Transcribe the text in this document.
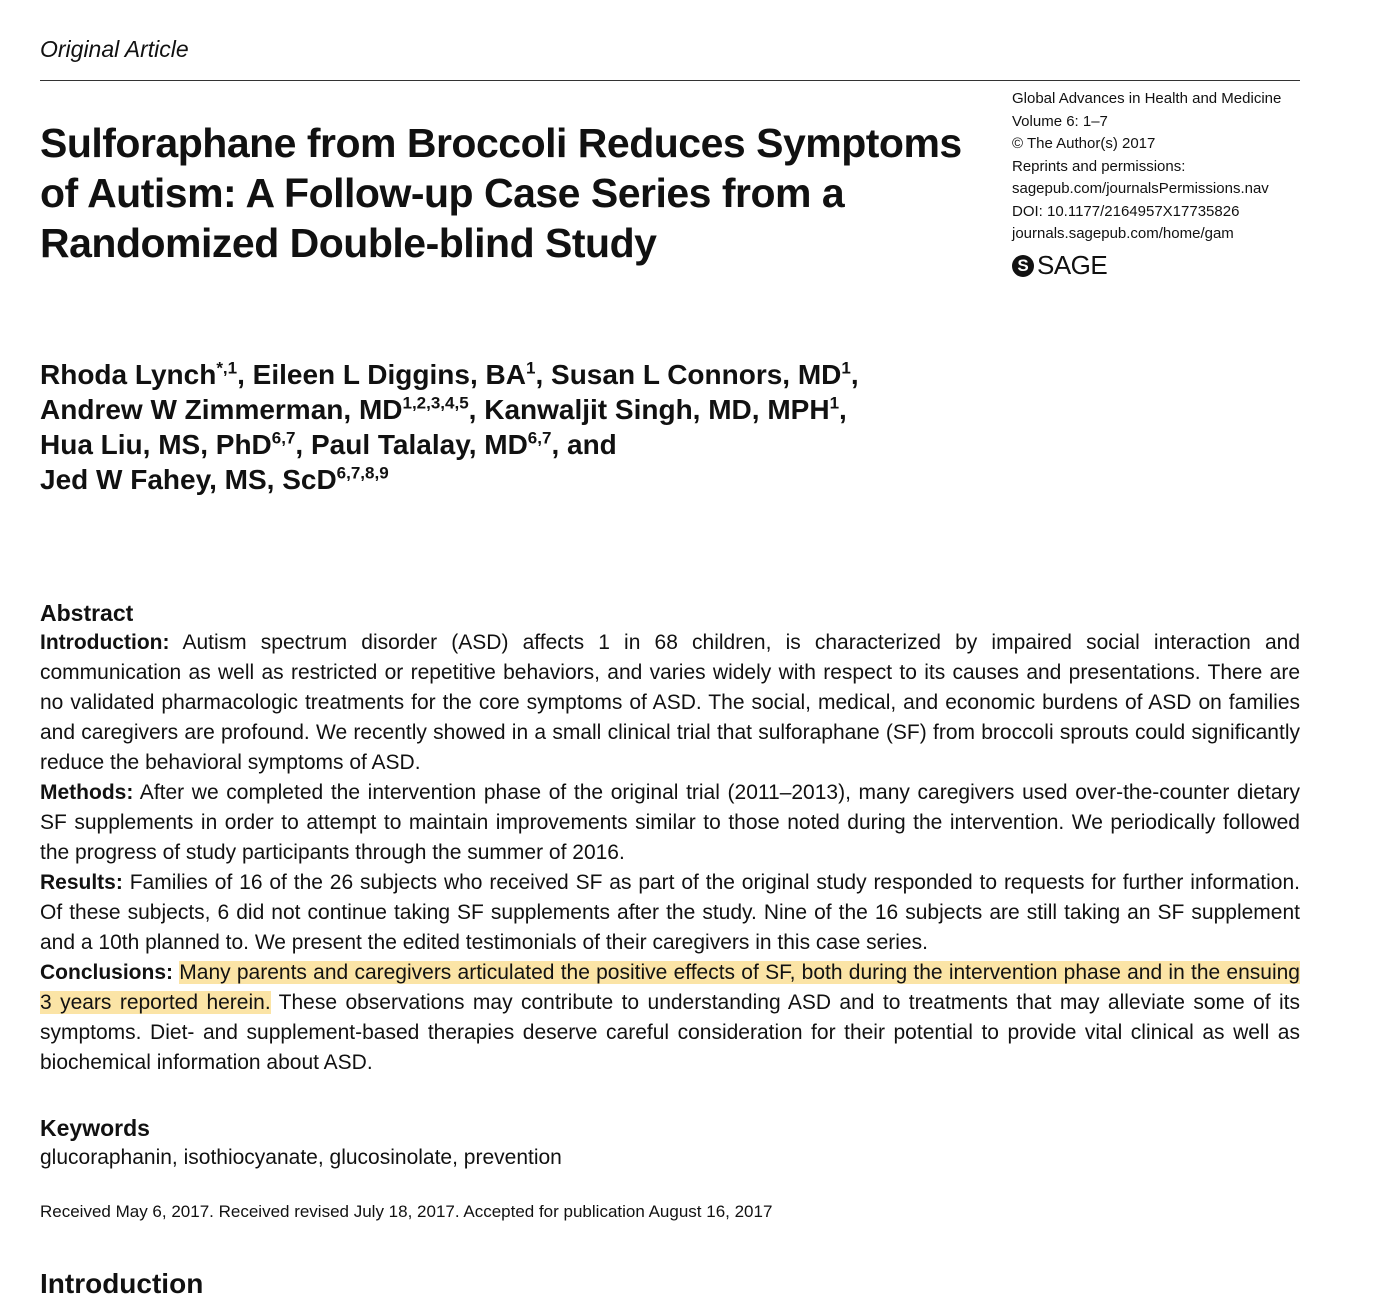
Original Article
Sulforaphane from Broccoli Reduces Symptoms of Autism: A Follow-up Case Series from a Randomized Double-blind Study
Global Advances in Health and Medicine
Volume 6: 1–7
© The Author(s) 2017
Reprints and permissions:
sagepub.com/journalsPermissions.nav
DOI: 10.1177/2164957X17735826
journals.sagepub.com/home/gam
S SAGE
Rhoda Lynch$^{*,1}$, Eileen L Diggins, $BA^1$, Susan L Connors, $MD^1$,
Andrew W Zimmerman, MD$^{1,2,3,4,5}$, Kanwaljit Singh, MD, MPH$^1$,
Hua Liu, MS, PhD$^{6,7}$, Paul Talalay, MD$^{6,7}$, and
Jed W Fahey, MS, ScD$^{6,7,8,9}$
Abstract

Introduction: Autism spectrum disorder (ASD) affects 1 in 68 children, is characterized by impaired social interaction and communication as well as restricted or repetitive behaviors, and varies widely with respect to its causes and presentations. There are no validated pharmacologic treatments for the core symptoms of ASD. The social, medical, and economic burdens of ASD on families and caregivers are profound. We recently showed in a small clinical trial that sulforaphane (SF) from broccoli sprouts could significantly reduce the behavioral symptoms of ASD.

Methods: After we completed the intervention phase of the original trial (2011–2013), many caregivers used over-the-counter dietary SF supplements in order to attempt to maintain improvements similar to those noted during the intervention. We periodically followed the progress of study participants through the summer of 2016.

Results: Families of 16 of the 26 subjects who received SF as part of the original study responded to requests for further information. Of these subjects, 6 did not continue taking SF supplements after the study. Nine of the 16 subjects are still taking an SF supplement and a 10th planned to. We present the edited testimonials of their caregivers in this case series.

Conclusions: Many parents and caregivers articulated the positive effects of SF, both during the intervention phase and in the ensuing 3 years reported herein. These observations may contribute to understanding ASD and to treatments that may alleviate some of its symptoms. Diet- and supplement-based therapies deserve careful consideration for their potential to provide vital clinical as well as biochemical information about ASD.

Keywords
glucoraphanin, isothiocyanate, glucosinolate, prevention
Received May 6, 2017. Received revised July 18, 2017. Accepted for publication August 16, 2017
Introduction
